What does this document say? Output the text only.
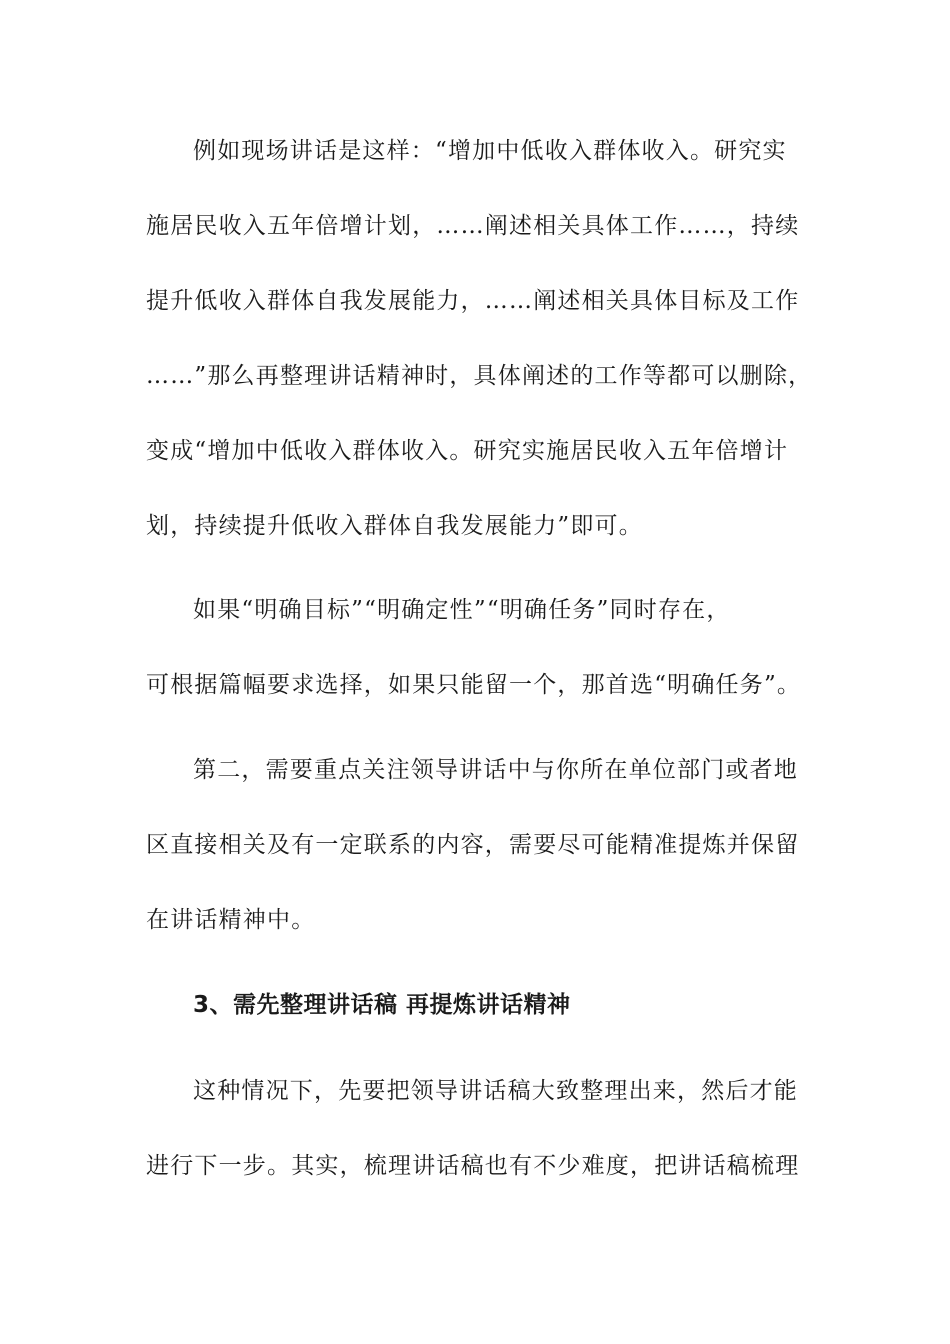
例如现场讲话是这样：“增加中低收入群体收入。研究实
施居民收入五年倍增计划，……阐述相关具体工作……，持续
提升低收入群体自我发展能力，……阐述相关具体目标及工作
……”那么再整理讲话精神时，具体阐述的工作等都可以删除，
变成“增加中低收入群体收入。研究实施居民收入五年倍增计
划，持续提升低收入群体自我发展能力”即可。
如果“明确目标”“明确定性”“明确任务”同时存在，
可根据篇幅要求选择，如果只能留一个，那首选“明确任务”。
第二，需要重点关注领导讲话中与你所在单位部门或者地
区直接相关及有一定联系的内容，需要尽可能精准提炼并保留
在讲话精神中。
3、需先整理讲话稿 再提炼讲话精神
这种情况下，先要把领导讲话稿大致整理出来，然后才能
进行下一步。其实，梳理讲话稿也有不少难度，把讲话稿梳理
